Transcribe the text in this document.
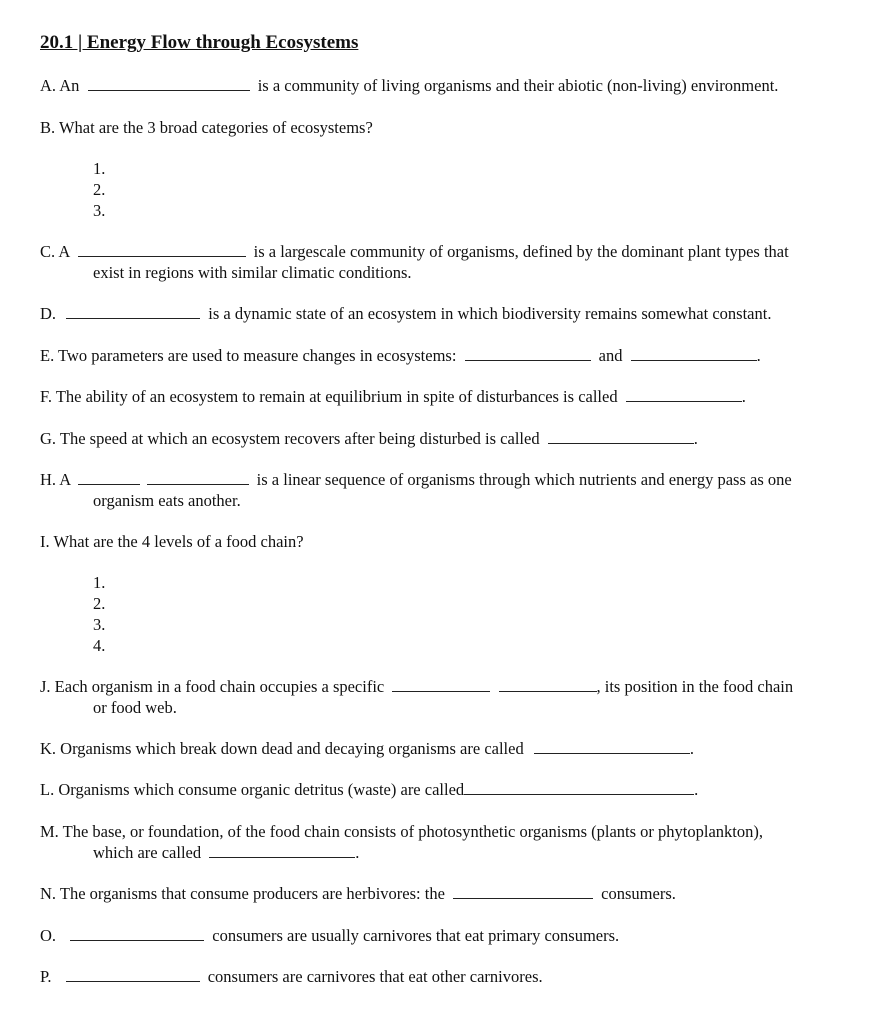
20.1 | Energy Flow through Ecosystems
A. An	is a community of living organisms and their abiotic (non-living) environment.
B. What are the 3 broad categories of ecosystems?
1.
2.
3.
C. A	is a largescale community of organisms, defined by the dominant plant types that
exist in regions with similar climatic conditions.
D.	is a dynamic state of an ecosystem in which biodiversity remains somewhat constant.
E. Two parameters are used to measure changes in ecosystems:	and	.
F. The ability of an ecosystem to remain at equilibrium in spite of disturbances is called	.
G. The speed at which an ecosystem recovers after being disturbed is called	.
H. A	is a linear sequence of organisms through which nutrients and energy pass as one
organism eats another.
I. What are the 4 levels of a food chain?
1.
2.
3.
4.
J. Each organism in a food chain occupies a specific	, its position in the food chain
or food web.
K. Organisms which break down dead and decaying organisms are called	.
L. Organisms which consume organic detritus (waste) are called	.
M. The base, or foundation, of the food chain consists of photosynthetic organisms (plants or phytoplankton),
which are called	.
N. The organisms that consume producers are herbivores: the	consumers.
O.	consumers are usually carnivores that eat primary consumers.
P.	consumers are carnivores that eat other carnivores.
